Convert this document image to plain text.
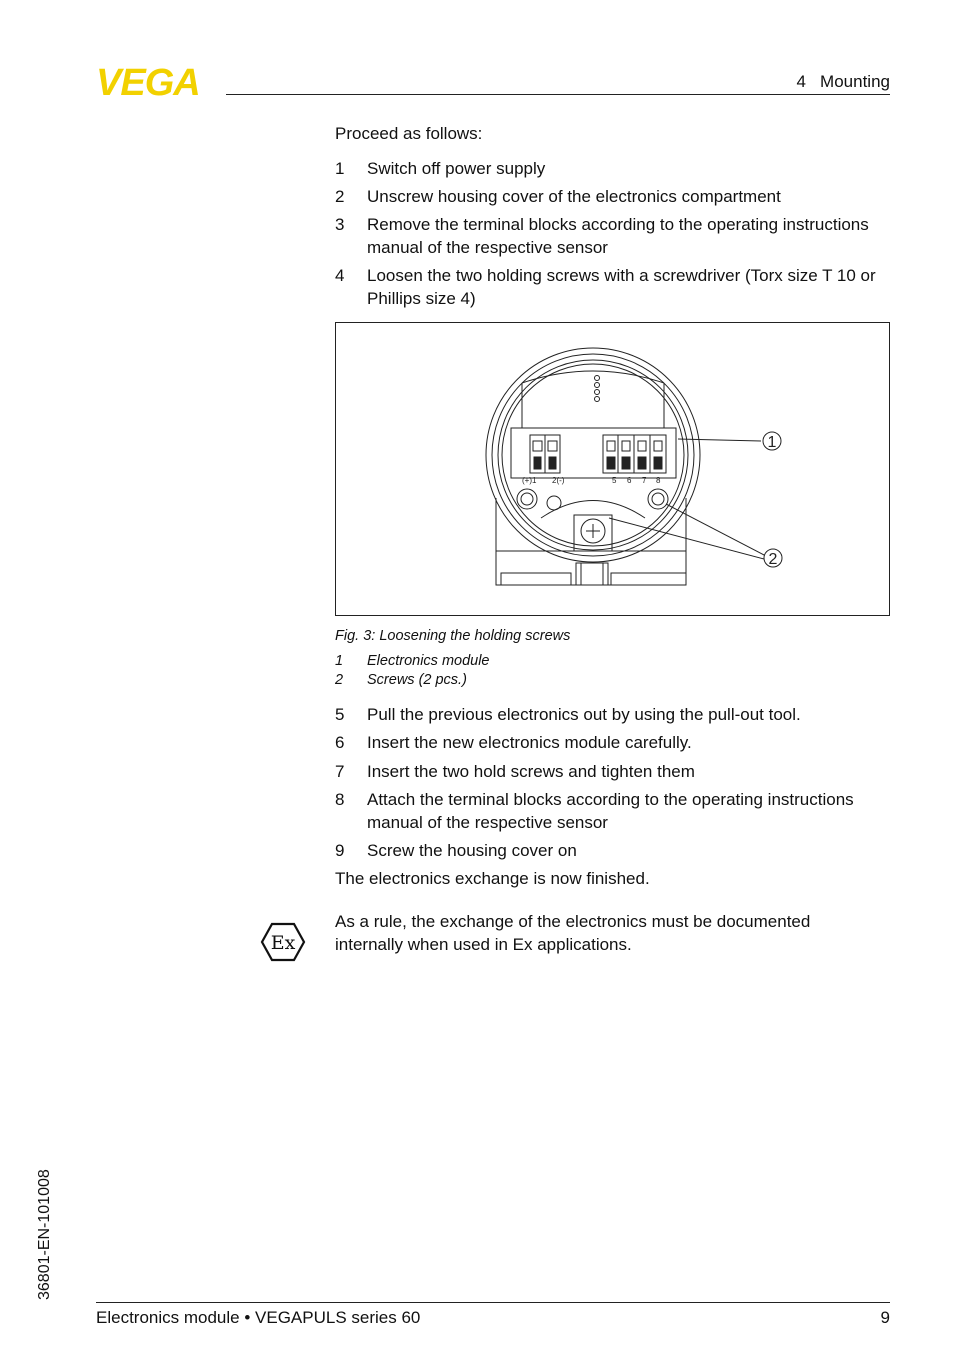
VEGA	4   Mounting
Proceed as follows:
1 Switch off power supply
2 Unscrew housing cover of the electronics compartment
3 Remove the terminal blocks according to the operating instructions manual of the respective sensor
4 Loosen the two holding screws with a screwdriver (Torx size T 10 or Phillips size 4)
1
2
(+)1 2(-)	5 6 7 8
Fig. 3: Loosening the holding screws
1 Electronics module
2 Screws (2 pcs.)
5 Pull the previous electronics out by using the pull-out tool.
6 Insert the new electronics module carefully.
7 Insert the two hold screws and tighten them
8 Attach the terminal blocks according to the operating instructions manual of the respective sensor
9 Screw the housing cover on
The electronics exchange is now finished.
Ex
As a rule, the exchange of the electronics must be documented internally when used in Ex applications.
36801-EN-101008
Electronics module • VEGAPULS series 60	9
